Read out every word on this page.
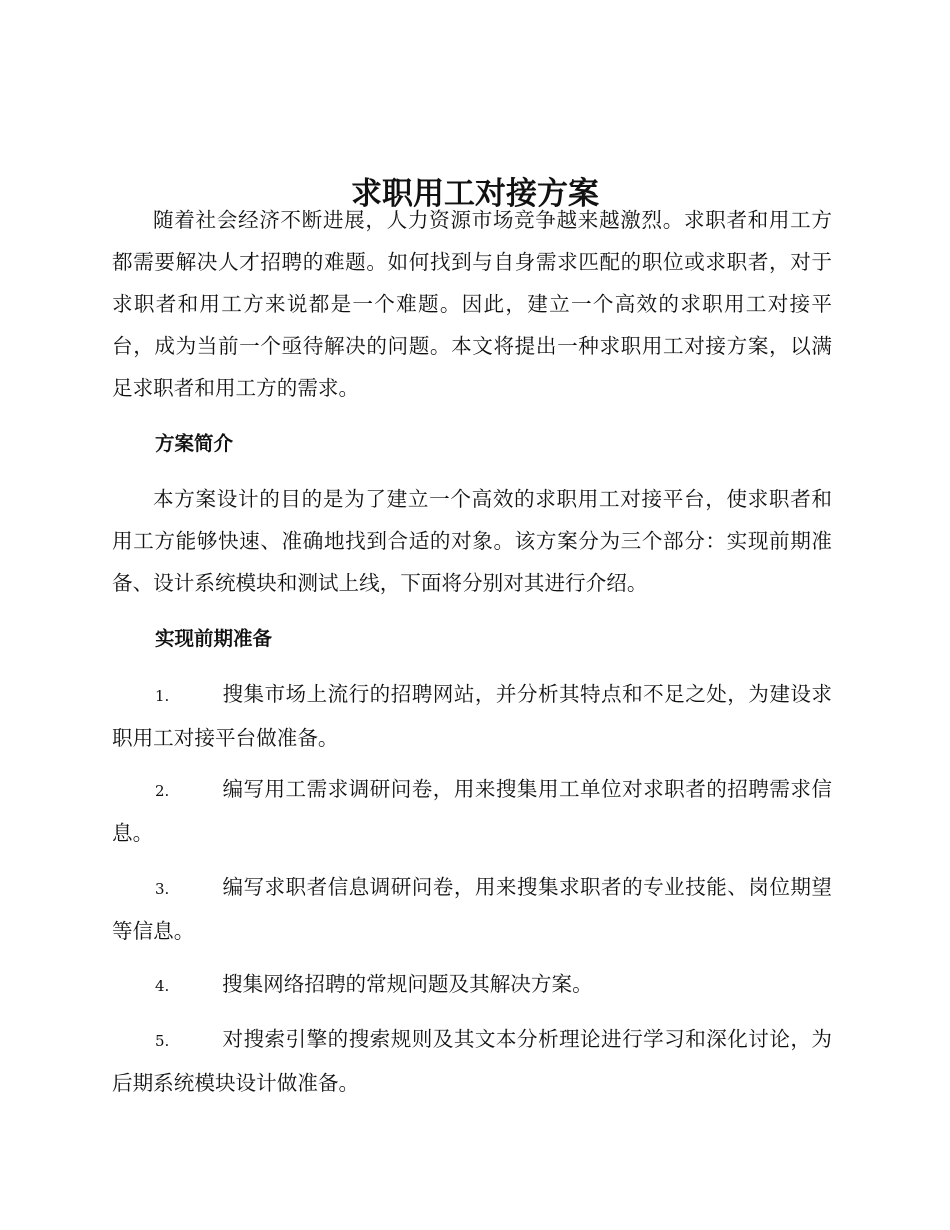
求职用工对接方案

随着社会经济不断进展，人力资源市场竞争越来越激烈。求职者和用工方都需要解决人才招聘的难题。如何找到与自身需求匹配的职位或求职者，对于求职者和用工方来说都是一个难题。因此，建立一个高效的求职用工对接平台，成为当前一个亟待解决的问题。本文将提出一种求职用工对接方案，以满足求职者和用工方的需求。

方案简介

本方案设计的目的是为了建立一个高效的求职用工对接平台，使求职者和用工方能够快速、准确地找到合适的对象。该方案分为三个部分：实现前期准备、设计系统模块和测试上线，下面将分别对其进行介绍。

实现前期准备

1.	搜集市场上流行的招聘网站，并分析其特点和不足之处，为建设求职用工对接平台做准备。

2.	编写用工需求调研问卷，用来搜集用工单位对求职者的招聘需求信息。

3.	编写求职者信息调研问卷，用来搜集求职者的专业技能、岗位期望等信息。

4.	搜集网络招聘的常规问题及其解决方案。

5.	对搜索引擎的搜索规则及其文本分析理论进行学习和深化讨论，为后期系统模块设计做准备。
